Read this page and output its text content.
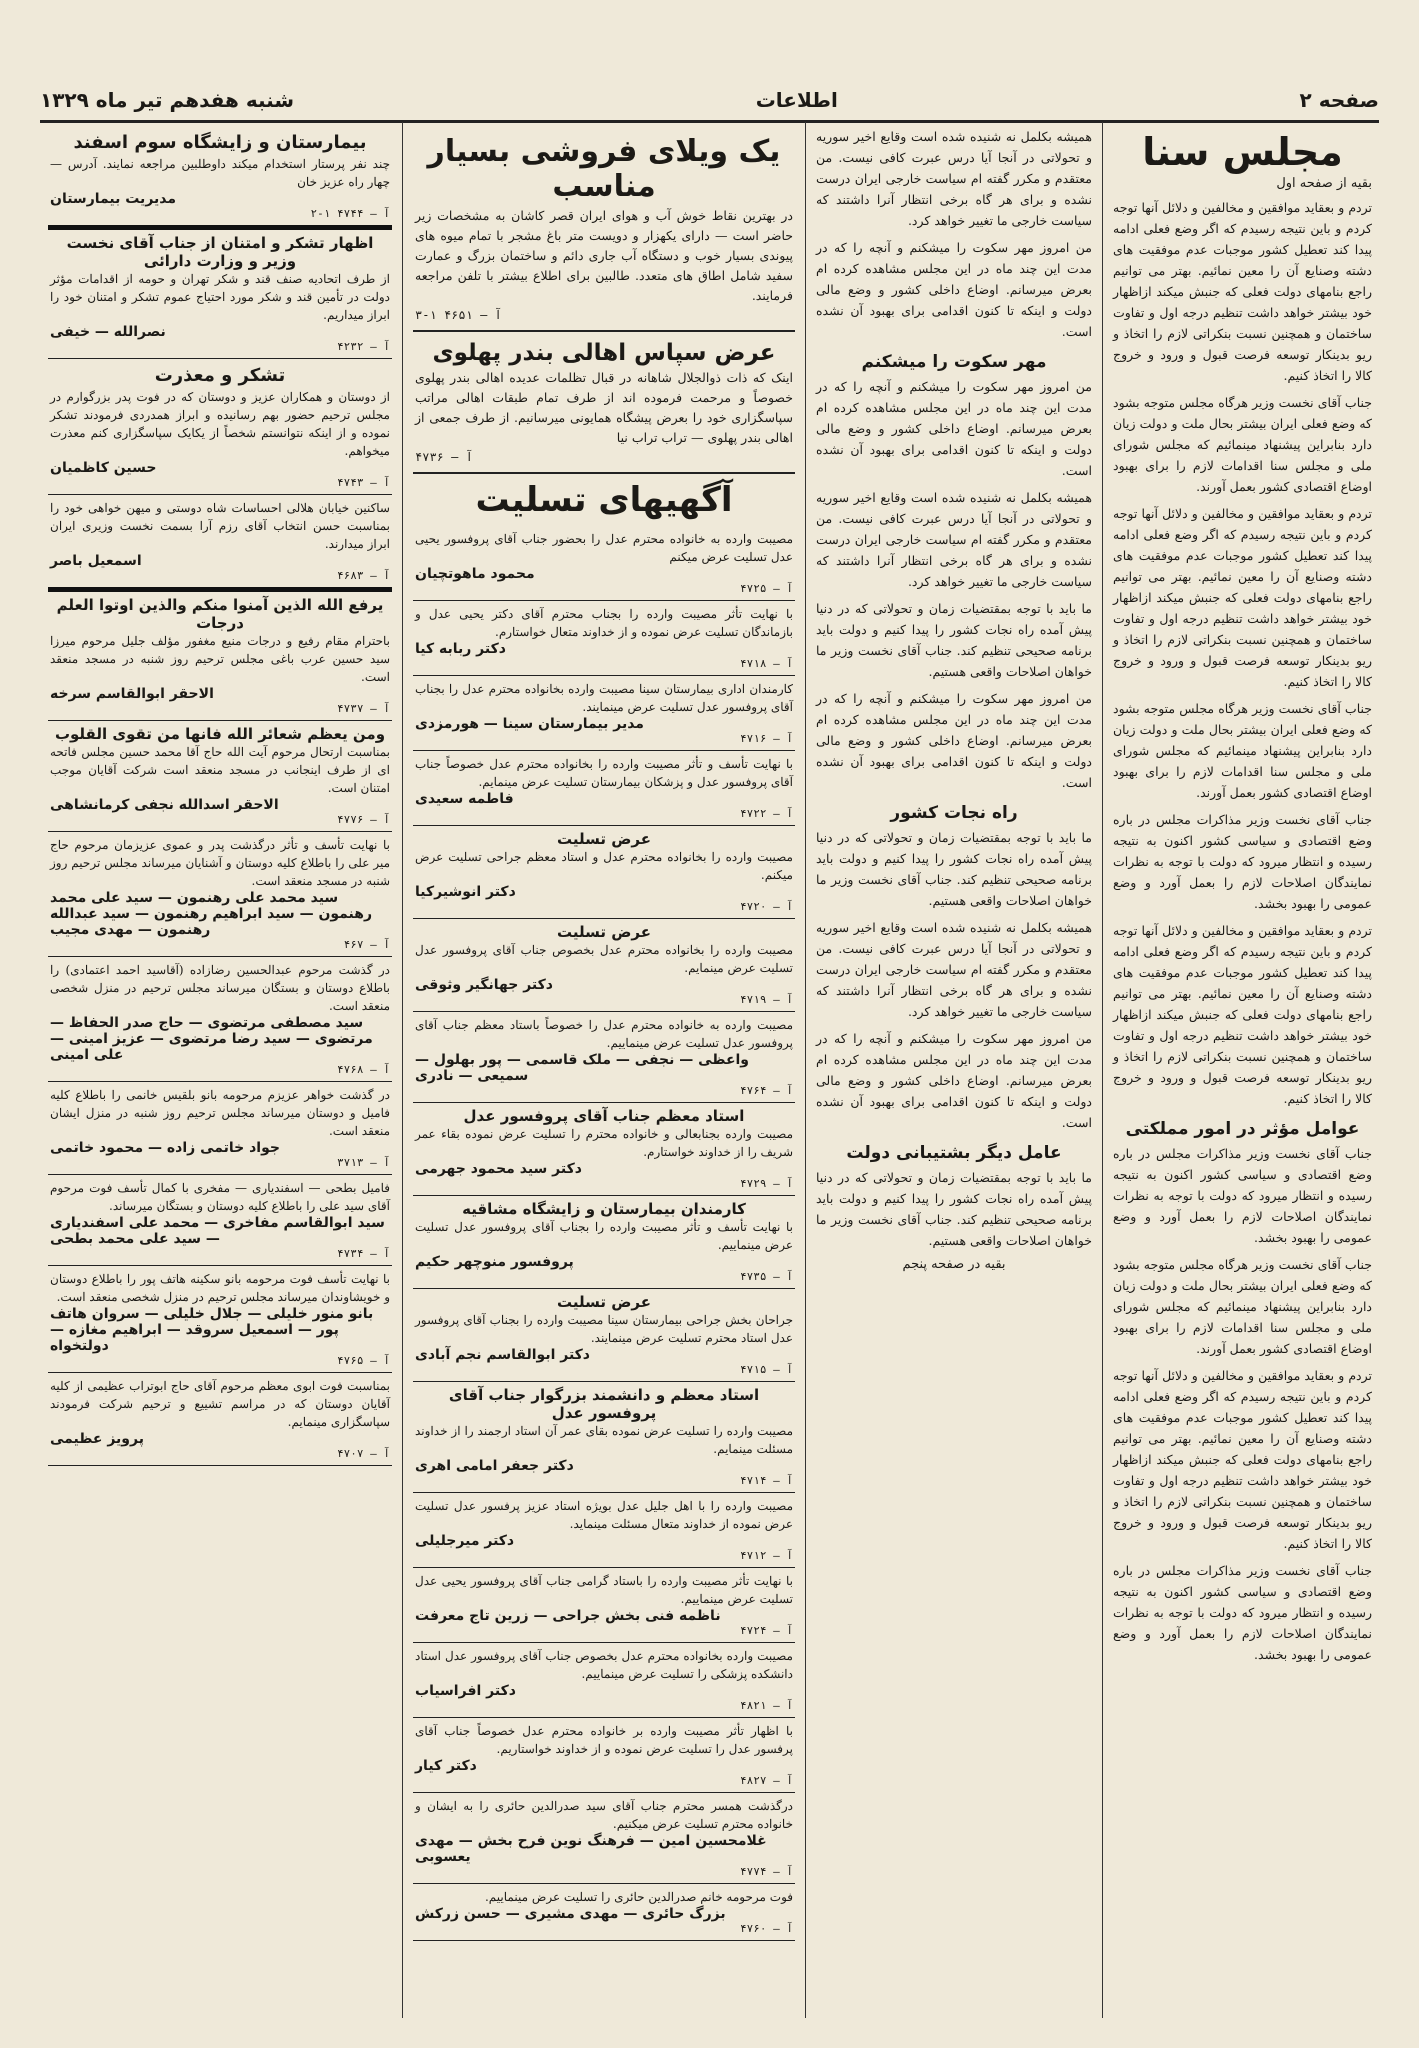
صفحه ۲
اطلاعات
شنبه هفدهم تیر ماه ۱۳۲۹
مجلس سنا
بقیه از صفحه اول

تردم و بعقاید موافقین و مخالفین و دلائل آنها توجه کردم و باین نتیجه رسیدم که اگر وضع فعلی ادامه پیدا کند تعطیل کشور موجبات عدم موفقیت های دشته وصنایع آن را معین نمائیم. بهتر می توانیم راجع بنامهای دولت فعلی که جنبش میکند ازاظهار خود بیشتر خواهد داشت تنظیم درجه اول و تفاوت ساختمان و همچنین نسبت بنکراتی لازم را اتخاذ و ریو بدینکار توسعه فرصت قبول و ورود و خروج کالا را اتخاذ کنیم.

جناب آقای نخست وزیر هرگاه مجلس متوجه بشود که وضع فعلی ایران بیشتر بحال ملت و دولت زیان دارد بنابراین پیشنهاد مینمائیم که مجلس شورای ملی و مجلس سنا اقدامات لازم را برای بهبود اوضاع اقتصادی کشور بعمل آورند.

تردم و بعقاید موافقین و مخالفین و دلائل آنها توجه کردم و باین نتیجه رسیدم که اگر وضع فعلی ادامه پیدا کند تعطیل کشور موجبات عدم موفقیت های دشته وصنایع آن را معین نمائیم. بهتر می توانیم راجع بنامهای دولت فعلی که جنبش میکند ازاظهار خود بیشتر خواهد داشت تنظیم درجه اول و تفاوت ساختمان و همچنین نسبت بنکراتی لازم را اتخاذ و ریو بدینکار توسعه فرصت قبول و ورود و خروج کالا را اتخاذ کنیم.

جناب آقای نخست وزیر هرگاه مجلس متوجه بشود که وضع فعلی ایران بیشتر بحال ملت و دولت زیان دارد بنابراین پیشنهاد مینمائیم که مجلس شورای ملی و مجلس سنا اقدامات لازم را برای بهبود اوضاع اقتصادی کشور بعمل آورند.

جناب آقای نخست وزیر مذاکرات مجلس در باره وضع اقتصادی و سیاسی کشور اکنون به نتیجه رسیده و انتظار میرود که دولت با توجه به نظرات نمایندگان اصلاحات لازم را بعمل آورد و وضع عمومی را بهبود بخشد.

تردم و بعقاید موافقین و مخالفین و دلائل آنها توجه کردم و باین نتیجه رسیدم که اگر وضع فعلی ادامه پیدا کند تعطیل کشور موجبات عدم موفقیت های دشته وصنایع آن را معین نمائیم. بهتر می توانیم راجع بنامهای دولت فعلی که جنبش میکند ازاظهار خود بیشتر خواهد داشت تنظیم درجه اول و تفاوت ساختمان و همچنین نسبت بنکراتی لازم را اتخاذ و ریو بدینکار توسعه فرصت قبول و ورود و خروج کالا را اتخاذ کنیم.

عوامل مؤثر در امور مملکتی

جناب آقای نخست وزیر مذاکرات مجلس در باره وضع اقتصادی و سیاسی کشور اکنون به نتیجه رسیده و انتظار میرود که دولت با توجه به نظرات نمایندگان اصلاحات لازم را بعمل آورد و وضع عمومی را بهبود بخشد.

جناب آقای نخست وزیر هرگاه مجلس متوجه بشود که وضع فعلی ایران بیشتر بحال ملت و دولت زیان دارد بنابراین پیشنهاد مینمائیم که مجلس شورای ملی و مجلس سنا اقدامات لازم را برای بهبود اوضاع اقتصادی کشور بعمل آورند.

تردم و بعقاید موافقین و مخالفین و دلائل آنها توجه کردم و باین نتیجه رسیدم که اگر وضع فعلی ادامه پیدا کند تعطیل کشور موجبات عدم موفقیت های دشته وصنایع آن را معین نمائیم. بهتر می توانیم راجع بنامهای دولت فعلی که جنبش میکند ازاظهار خود بیشتر خواهد داشت تنظیم درجه اول و تفاوت ساختمان و همچنین نسبت بنکراتی لازم را اتخاذ و ریو بدینکار توسعه فرصت قبول و ورود و خروج کالا را اتخاذ کنیم.

جناب آقای نخست وزیر مذاکرات مجلس در باره وضع اقتصادی و سیاسی کشور اکنون به نتیجه رسیده و انتظار میرود که دولت با توجه به نظرات نمایندگان اصلاحات لازم را بعمل آورد و وضع عمومی را بهبود بخشد.

همیشه بکلمل نه شنیده شده است وقایع اخیر سوریه و تحولاتی در آنجا آیا درس عبرت کافی نیست. من معتقدم و مکرر گفته ام سیاست خارجی ایران درست نشده و برای هر گاه برخی انتظار آنرا داشتند که سیاست خارجی ما تغییر خواهد کرد.

من امروز مهر سکوت را میشکنم و آنچه را که در مدت این چند ماه در این مجلس مشاهده کرده ام بعرض میرسانم. اوضاع داخلی کشور و وضع مالی دولت و اینکه تا کنون اقدامی برای بهبود آن نشده است.

مهر سکوت را میشکنم

من امروز مهر سکوت را میشکنم و آنچه را که در مدت این چند ماه در این مجلس مشاهده کرده ام بعرض میرسانم. اوضاع داخلی کشور و وضع مالی دولت و اینکه تا کنون اقدامی برای بهبود آن نشده است.

همیشه بکلمل نه شنیده شده است وقایع اخیر سوریه و تحولاتی در آنجا آیا درس عبرت کافی نیست. من معتقدم و مکرر گفته ام سیاست خارجی ایران درست نشده و برای هر گاه برخی انتظار آنرا داشتند که سیاست خارجی ما تغییر خواهد کرد.

ما باید با توجه بمقتضیات زمان و تحولاتی که در دنیا پیش آمده راه نجات کشور را پیدا کنیم و دولت باید برنامه صحیحی تنظیم کند. جناب آقای نخست وزیر ما خواهان اصلاحات واقعی هستیم.

من امروز مهر سکوت را میشکنم و آنچه را که در مدت این چند ماه در این مجلس مشاهده کرده ام بعرض میرسانم. اوضاع داخلی کشور و وضع مالی دولت و اینکه تا کنون اقدامی برای بهبود آن نشده است.

راه نجات کشور

ما باید با توجه بمقتضیات زمان و تحولاتی که در دنیا پیش آمده راه نجات کشور را پیدا کنیم و دولت باید برنامه صحیحی تنظیم کند. جناب آقای نخست وزیر ما خواهان اصلاحات واقعی هستیم.

همیشه بکلمل نه شنیده شده است وقایع اخیر سوریه و تحولاتی در آنجا آیا درس عبرت کافی نیست. من معتقدم و مکرر گفته ام سیاست خارجی ایران درست نشده و برای هر گاه برخی انتظار آنرا داشتند که سیاست خارجی ما تغییر خواهد کرد.

من امروز مهر سکوت را میشکنم و آنچه را که در مدت این چند ماه در این مجلس مشاهده کرده ام بعرض میرسانم. اوضاع داخلی کشور و وضع مالی دولت و اینکه تا کنون اقدامی برای بهبود آن نشده است.

عامل دیگر بشتیبانی دولت

ما باید با توجه بمقتضیات زمان و تحولاتی که در دنیا پیش آمده راه نجات کشور را پیدا کنیم و دولت باید برنامه صحیحی تنظیم کند. جناب آقای نخست وزیر ما خواهان اصلاحات واقعی هستیم.

بقیه در صفحه پنجم
یک ویلای فروشی بسیار مناسب
در بهترین نقاط خوش آب و هوای ایران قصر کاشان به مشخصات زیر حاضر است — دارای یکهزار و دویست متر باغ مشجر با تمام میوه های پیوندی بسیار خوب و دستگاه آب جاری دائم و ساختمان بزرگ و عمارت سفید شامل اطاق های متعدد. طالبین برای اطلاع بیشتر با تلفن مراجعه فرمایند.
آ — ۴۶۵۱ ۱-۳
عرض سپاس اهالی بندر پهلوی
اینک که ذات ذوالجلال شاهانه در قبال تظلمات عدیده اهالی بندر پهلوی خصوصاً و مرحمت فرموده اند از طرف تمام طبقات اهالی مراتب سپاسگزاری خود را بعرض پیشگاه همایونی میرسانیم. از طرف جمعی از اهالی بندر پهلوی — تراب تراب نیا
آ — ۴۷۳۶
آگهیهای تسلیت
مصیبت وارده به خانواده محترم عدل را بحضور جناب آقای پروفسور یحیی عدل تسلیت عرض میکنم
محمود ماهوتچیان
آ — ۴۷۲۵
با نهایت تأثر مصیبت وارده را بجناب محترم آقای دکتر یحیی عدل و بازماندگان تسلیت عرض نموده و از خداوند متعال خواستارم.
دکتر ربابه کیا
آ — ۴۷۱۸
کارمندان اداری بیمارستان سینا مصیبت وارده بخانواده محترم عدل را بجناب آقای پروفسور عدل تسلیت عرض مینمایند.
مدیر بیمارستان سینا — هورمزدی
آ — ۴۷۱۶
با نهایت تأسف و تأثر مصیبت وارده را بخانواده محترم عدل خصوصاً جناب آقای پروفسور عدل و پزشکان بیمارستان تسلیت عرض مینمایم.
فاطمه سعیدی
آ — ۴۷۲۲
عرض تسلیت
مصیبت وارده را بخانواده محترم عدل و استاد معظم جراحی تسلیت عرض میکنم.
دکتر انوشیرکیا
آ — ۴۷۲۰
عرض تسلیت
مصیبت وارده را بخانواده محترم عدل بخصوص جناب آقای پروفسور عدل تسلیت عرض مینمایم.
دکتر جهانگیر وثوقی
آ — ۴۷۱۹
مصیبت وارده به خانواده محترم عدل را خصوصاً باستاد معظم جناب آقای پروفسور عدل تسلیت عرض مینماییم.
واعظی — نجفی — ملک قاسمی — پور بهلول — سمیعی — نادری
آ — ۴۷۶۴
استاد معظم جناب آقای پروفسور عدل
مصیبت وارده بجنابعالی و خانواده محترم را تسلیت عرض نموده بقاء عمر شریف را از خداوند خواستارم.
دکتر سید محمود جهرمی
آ — ۴۷۲۹
کارمندان بیمارستان و زایشگاه مشاقیه
با نهایت تأسف و تأثر مصیبت وارده را بجناب آقای پروفسور عدل تسلیت عرض مینماییم.
پروفسور منوچهر حکیم
آ — ۴۷۳۵
عرض تسلیت
جراحان بخش جراحی بیمارستان سینا مصیبت وارده را بجناب آقای پروفسور عدل استاد محترم تسلیت عرض مینمایند.
دکتر ابوالقاسم نجم آبادی
آ — ۴۷۱۵
استاد معظم و دانشمند بزرگوار جناب آقای پروفسور عدل
مصیبت وارده را تسلیت عرض نموده بقای عمر آن استاد ارجمند را از خداوند مسئلت مینمایم.
دکتر جعفر امامی اهری
آ — ۴۷۱۴
مصیبت وارده را با اهل جلیل عدل بویژه استاد عزیز پرفسور عدل تسلیت عرض نموده از خداوند متعال مسئلت مینماید.
دکتر میرجلیلی
آ — ۴۷۱۲
با نهایت تأثر مصیبت وارده را باستاد گرامی جناب آقای پروفسور یحیی عدل تسلیت عرض مینماییم.
ناظمه فنی بخش جراحی — زرین تاج معرفت
آ — ۴۷۲۴
مصیبت وارده بخانواده محترم عدل بخصوص جناب آقای پروفسور عدل استاد دانشکده پزشکی را تسلیت عرض مینماییم.
دکتر افراسیاب
آ — ۴۸۲۱
با اظهار تأثر مصیبت وارده بر خانواده محترم عدل خصوصاً جناب آقای پرفسور عدل را تسلیت عرض نموده و از خداوند خواستاریم.
دکتر کیار
آ — ۴۸۲۷
درگذشت همسر محترم جناب آقای سید صدرالدین حائری را به ایشان و خانواده محترم تسلیت عرض میکنیم.
غلامحسین امین — فرهنگ نوین فرح بخش — مهدی یعسوبی
آ — ۴۷۷۴
فوت مرحومه خانم صدرالدین حائری را تسلیت عرض مینماییم.
بزرگ حائری — مهدی مشیری — حسن زرکش
آ — ۴۷۶۰
بیمارستان و زایشگاه سوم اسفند
چند نفر پرستار استخدام میکند داوطلبین مراجعه نمایند. آدرس — چهار راه عزیز خان
مدیریت بیمارستان
آ — ۴۷۴۴ ۱-۲
اظهار تشکر و امتنان از جناب آقای نخست وزیر و وزارت دارائی
از طرف اتحادیه صنف قند و شکر تهران و حومه از اقدامات مؤثر دولت در تأمین قند و شکر مورد احتیاج عموم تشکر و امتنان خود را ابراز میداریم.
نصرالله — خیفی
آ — ۴۲۳۲
تشکر و معذرت
از دوستان و همکاران عزیز و دوستان که در فوت پدر بزرگوارم در مجلس ترحیم حضور بهم رسانیده و ابراز همدردی فرمودند تشکر نموده و از اینکه نتوانستم شخصاً از یکایک سپاسگزاری کنم معذرت میخواهم.
حسین کاظمیان
آ — ۴۷۴۳
ساکنین خیابان هلالی احساسات شاه دوستی و میهن خواهی خود را بمناسبت حسن انتخاب آقای رزم آرا بسمت نخست وزیری ایران ابراز میدارند.
اسمعیل باصر
آ — ۴۶۸۳
یرفع الله الذین آمنوا منکم والذین اوتوا العلم درجات
باحترام مقام رفیع و درجات منیع مغفور مؤلف جلیل مرحوم میرزا سید حسین عرب باغی مجلس ترحیم روز شنبه در مسجد منعقد است.
الاحقر ابوالقاسم سرخه
آ — ۴۷۳۷
ومن یعظم شعائر الله فانها من تقوی القلوب
بمناسبت ارتحال مرحوم آیت الله حاج آقا محمد حسین مجلس فاتحه ای از طرف اینجانب در مسجد منعقد است شرکت آقایان موجب امتنان است.
الاحقر اسدالله نجفی کرمانشاهی
آ — ۴۷۷۶
با نهایت تأسف و تأثر درگذشت پدر و عموی عزیزمان مرحوم حاج میر علی را باطلاع کلیه دوستان و آشنایان میرساند مجلس ترحیم روز شنبه در مسجد منعقد است.
سید محمد علی رهنمون — سید علی محمد رهنمون — سید ابراهیم رهنمون — سید عبدالله رهنمون — مهدی مجیب
آ — ۴۶۷
در گذشت مرحوم عبدالحسین رضازاده (آقاسید احمد اعتمادی) را باطلاع دوستان و بستگان میرساند مجلس ترحیم در منزل شخصی منعقد است.
سید مصطفی مرتضوی — حاج صدر الحفاظ — مرتضوی — سید رضا مرتضوی — عزیز امینی — علی امینی
آ — ۴۷۶۸
در گذشت خواهر عزیزم مرحومه بانو بلقیس خانمی را باطلاع کلیه فامیل و دوستان میرساند مجلس ترحیم روز شنبه در منزل ایشان منعقد است.
جواد خاتمی زاده — محمود خاتمی
آ — ۳۷۱۳
فامیل بطحی — اسفندیاری — مفخری با کمال تأسف فوت مرحوم آقای سید علی را باطلاع کلیه دوستان و بستگان میرساند.
سید ابوالقاسم مفاخری — محمد علی اسفندیاری — سید علی محمد بطحی
آ — ۴۷۳۴
با نهایت تأسف فوت مرحومه بانو سکینه هاتف پور را باطلاع دوستان و خویشاوندان میرساند مجلس ترحیم در منزل شخصی منعقد است.
بانو منور خلیلی — جلال خلیلی — سروان هاتف پور — اسمعیل سروقد — ابراهیم مغازه — دولتخواه
آ — ۴۷۶۵
بمناسبت فوت ابوی معظم مرحوم آقای حاج ابوتراب عظیمی از کلیه آقایان دوستان که در مراسم تشییع و ترحیم شرکت فرمودند سپاسگزاری مینمایم.
پرویز عظیمی
آ — ۴۷۰۷
